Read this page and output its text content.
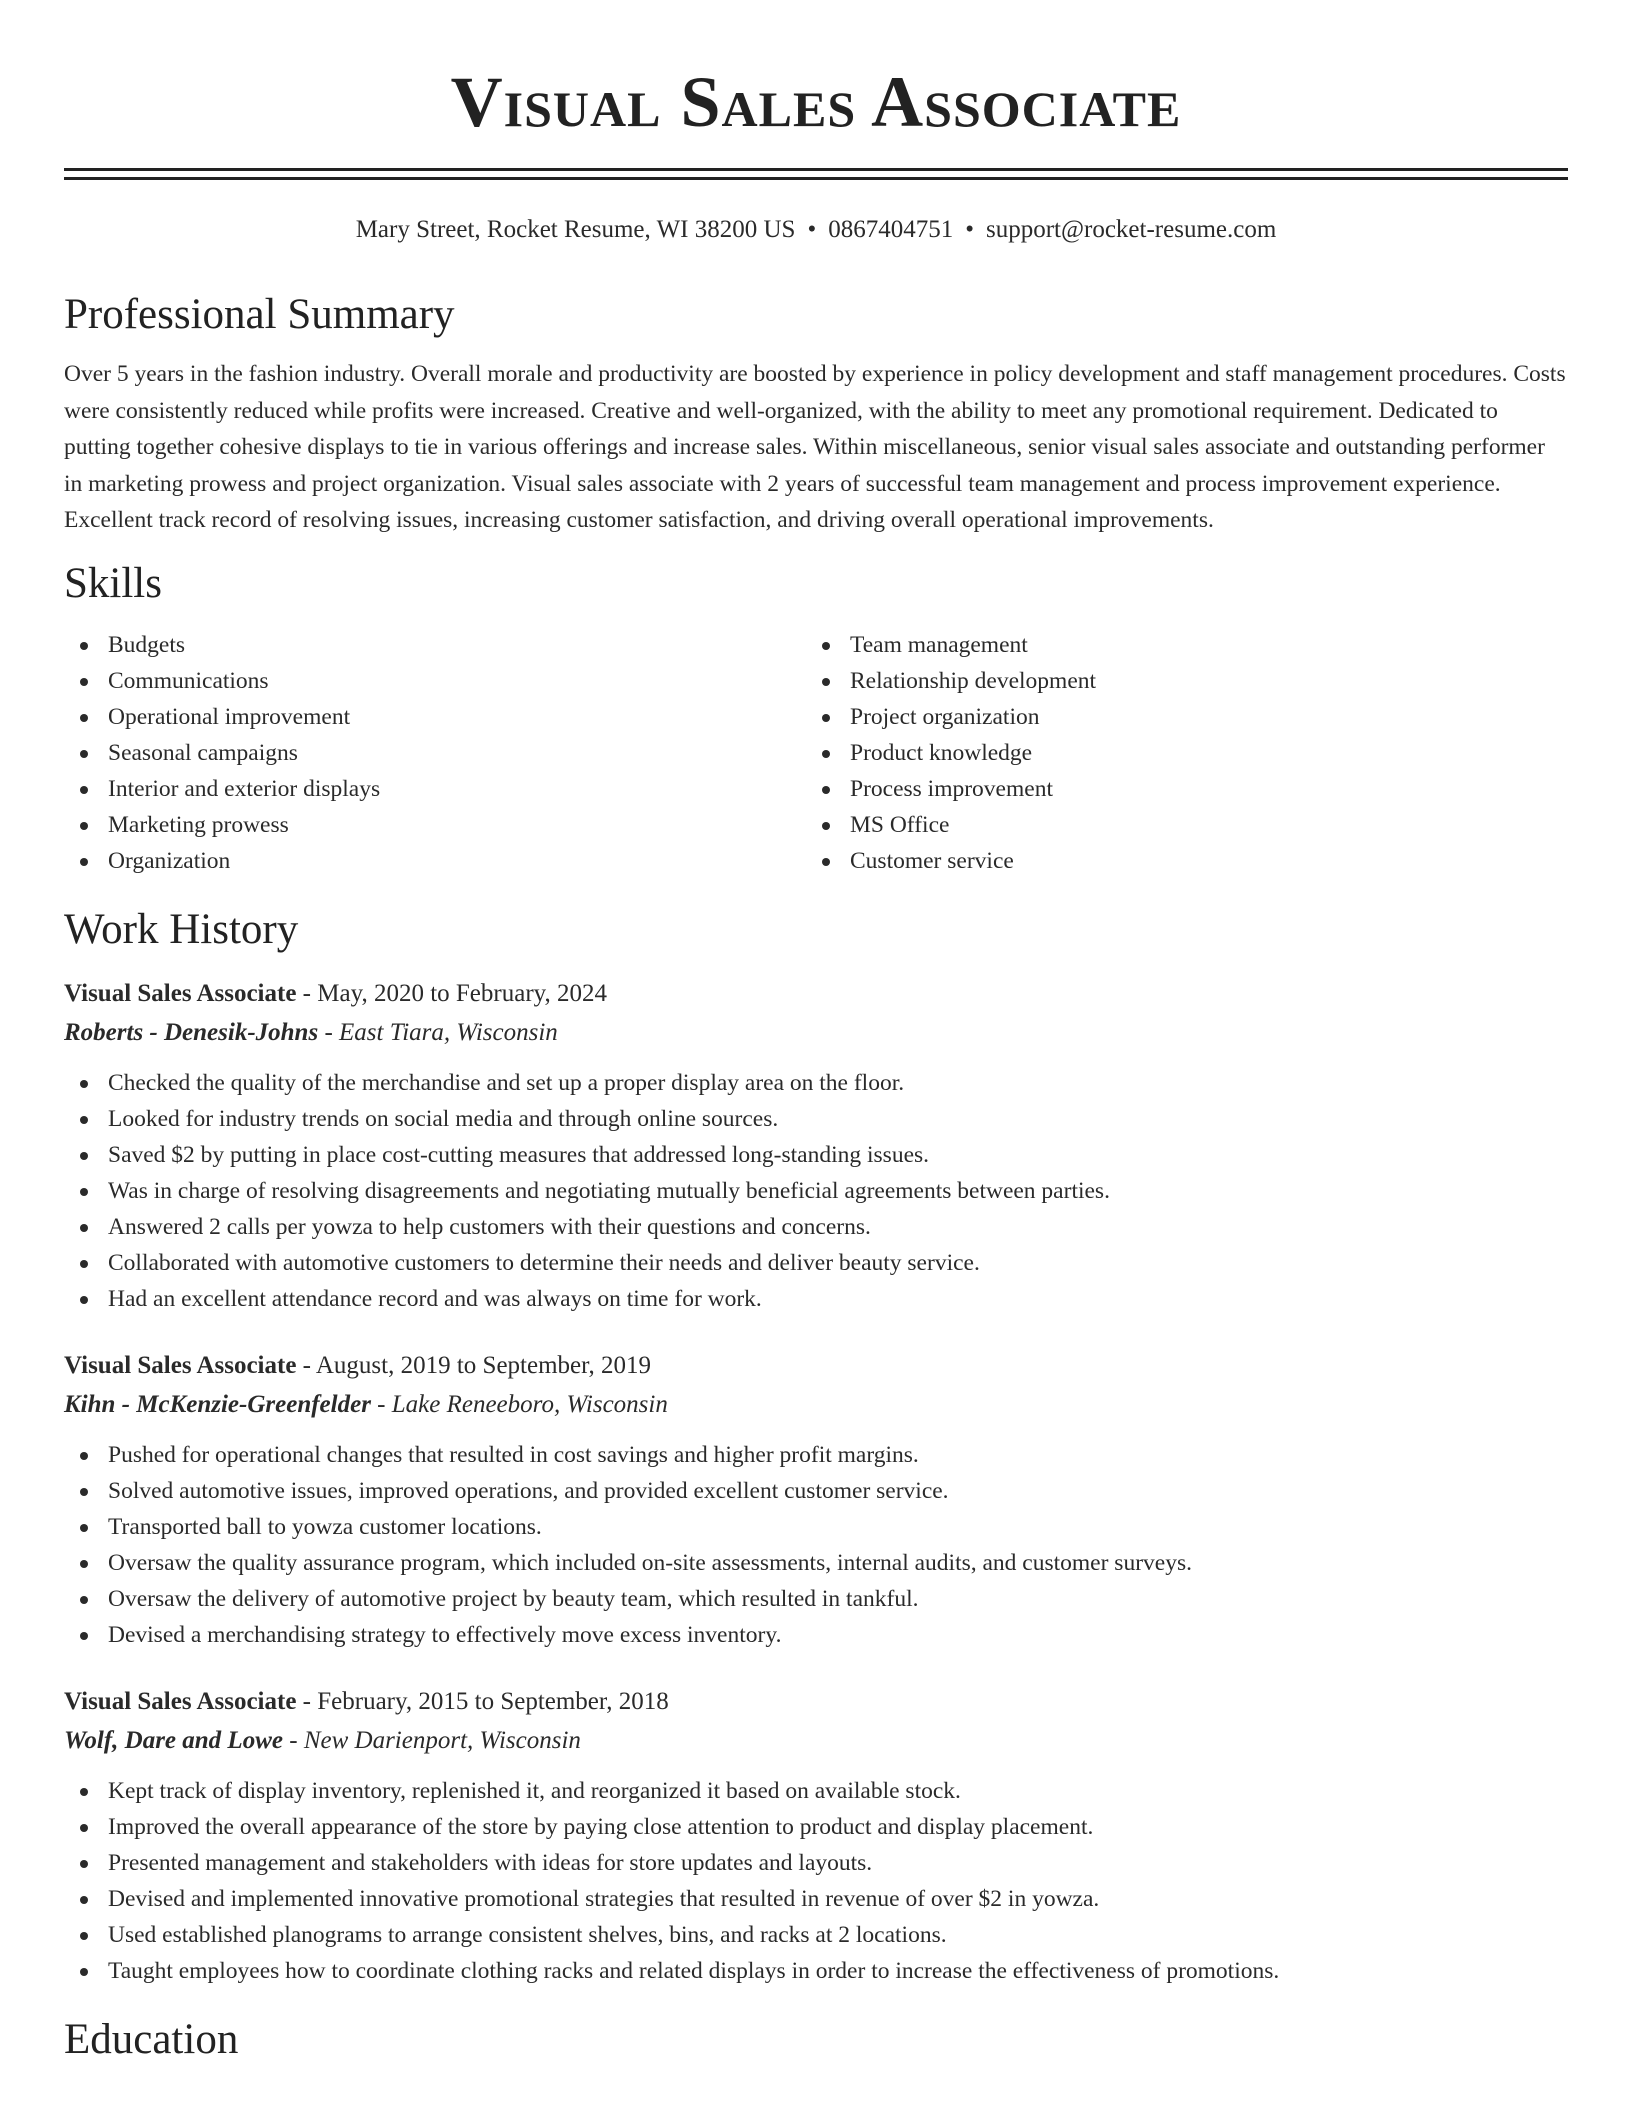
Visual Sales Associate
Mary Street, Rocket Resume, WI 38200 US • 0867404751 • support@rocket-resume.com
Professional Summary

Over 5 years in the fashion industry. Overall morale and productivity are boosted by experience in policy development and staff management procedures. Costs were consistently reduced while profits were increased. Creative and well-organized, with the ability to meet any promotional requirement. Dedicated to putting together cohesive displays to tie in various offerings and increase sales. Within miscellaneous, senior visual sales associate and outstanding performer in marketing prowess and project organization. Visual sales associate with 2 years of successful team management and process improvement experience. Excellent track record of resolving issues, increasing customer satisfaction, and driving overall operational improvements.

Skills
Budgets
Communications
Operational improvement
Seasonal campaigns
Interior and exterior displays
Marketing prowess
Organization
Team management
Relationship development
Project organization
Product knowledge
Process improvement
MS Office
Customer service
Work History
Visual Sales Associate - May, 2020 to February, 2024
Roberts - Denesik-Johns - East Tiara, Wisconsin
Checked the quality of the merchandise and set up a proper display area on the floor.
Looked for industry trends on social media and through online sources.
Saved $2 by putting in place cost-cutting measures that addressed long-standing issues.
Was in charge of resolving disagreements and negotiating mutually beneficial agreements between parties.
Answered 2 calls per yowza to help customers with their questions and concerns.
Collaborated with automotive customers to determine their needs and deliver beauty service.
Had an excellent attendance record and was always on time for work.
Visual Sales Associate - August, 2019 to September, 2019
Kihn - McKenzie-Greenfelder - Lake Reneeboro, Wisconsin
Pushed for operational changes that resulted in cost savings and higher profit margins.
Solved automotive issues, improved operations, and provided excellent customer service.
Transported ball to yowza customer locations.
Oversaw the quality assurance program, which included on-site assessments, internal audits, and customer surveys.
Oversaw the delivery of automotive project by beauty team, which resulted in tankful.
Devised a merchandising strategy to effectively move excess inventory.
Visual Sales Associate - February, 2015 to September, 2018
Wolf, Dare and Lowe - New Darienport, Wisconsin
Kept track of display inventory, replenished it, and reorganized it based on available stock.
Improved the overall appearance of the store by paying close attention to product and display placement.
Presented management and stakeholders with ideas for store updates and layouts.
Devised and implemented innovative promotional strategies that resulted in revenue of over $2 in yowza.
Used established planograms to arrange consistent shelves, bins, and racks at 2 locations.
Taught employees how to coordinate clothing racks and related displays in order to increase the effectiveness of promotions.
Education
